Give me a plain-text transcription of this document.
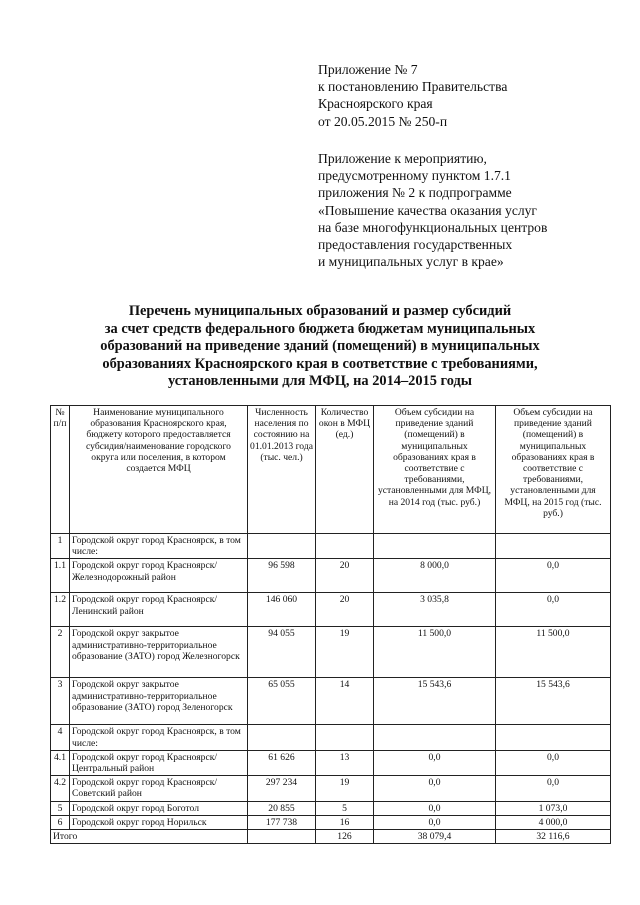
Приложение № 7
к постановлению Правительства
Красноярского края
от 20.05.2015 № 250-п
Приложение к мероприятию,
предусмотренному пунктом 1.7.1
приложения № 2 к подпрограмме
«Повышение качества оказания услуг
на базе многофункциональных центров
предоставления государственных
и муниципальных услуг в крае»
Перечень муниципальных образований и размер субсидий
за счет средств федерального бюджета бюджетам муниципальных
образований на приведение зданий (помещений) в муниципальных
образованиях Красноярского края в соответствие с требованиями,
установленными для МФЦ, на 2014–2015 годы
№ п/п	Наименование муниципального образования Красноярского края, бюджету которого предоставляется субсидия/наименование городского округа или поселения, в котором создается МФЦ	Численность населения по состоянию на 01.01.2013 года (тыс. чел.)	Количество окон в МФЦ (ед.)	Объем субсидии на приведение зданий (помещений) в муниципальных образованиях края в соответствие с требованиями, установленными для МФЦ, на 2014 год (тыс. руб.)	Объем субсидии на приведение зданий (помещений) в муниципальных образованиях края в соответствие с требованиями, установленными для МФЦ, на 2015 год (тыс. руб.)
1	Городской округ город Красноярск, в том числе:				
1.1	Городской округ город Красноярск/Железнодорожный район	96 598	20	8 000,0	0,0
1.2	Городской округ город Красноярск/Ленинский район	146 060	20	3 035,8	0,0
2	Городской округ закрытое административно-территориальное образование (ЗАТО) город Железногорск	94 055	19	11 500,0	11 500,0
3	Городской округ закрытое административно-территориальное образование (ЗАТО) город Зеленогорск	65 055	14	15 543,6	15 543,6
4	Городской округ город Красноярск, в том числе:				
4.1	Городской округ город Красноярск/Центральный район	61 626	13	0,0	0,0
4.2	Городской округ город Красноярск/Советский район	297 234	19	0,0	0,0
5	Городской округ город Боготол	20 855	5	0,0	1 073,0
6	Городской округ город Норильск	177 738	16	0,0	4 000,0
Итого			126	38 079,4	32 116,6
